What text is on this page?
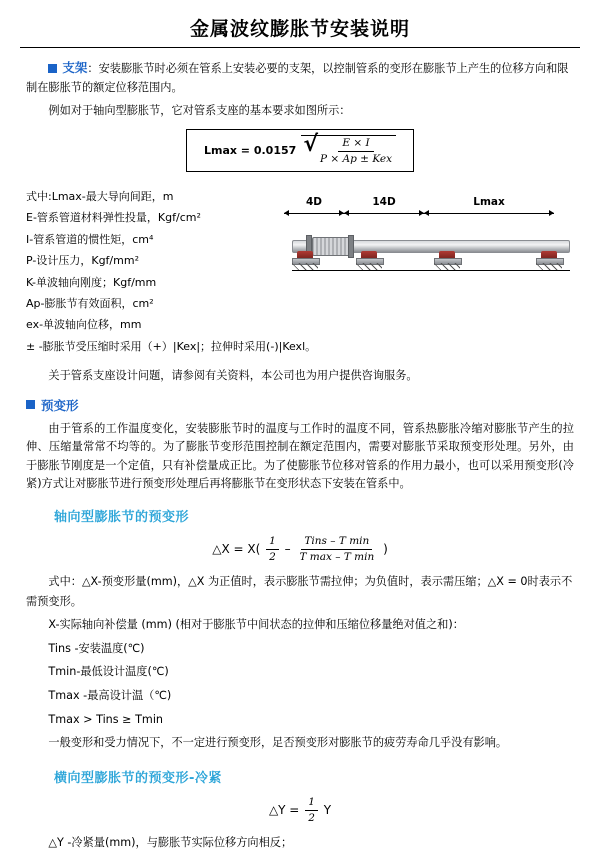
金属波纹膨胀节安装说明

支架：安装膨胀节时必须在管系上安装必要的支架，以控制管系的变形在膨胀节上产生的位移方向和限制在膨胀节的额定位移范围内。

例如对于轴向型膨胀节，它对管系支座的基本要求如图所示：

Lmax = 0.0157 √ $\frac{E \times I}{\text{P × Ap ± Kex}}$
式中:Lmax-最大导向间距，m
E-管系管道材料弹性投量，Kgf/cm²
I-管系管道的惯性矩，cm⁴
P-设计压力，Kgf/mm²
K-单波轴向刚度；Kgf/mm
Ap-膨胀节有效面积，cm²
ex-单波轴向位移，mm
± -膨胀节受压缩时采用（+）|Kex|；拉伸时采用(-)|Kexl。
4D	14D	Lmax

关于管系支座设计问题，请参阅有关资料，本公司也为用户提供咨询服务。

预变形

由于管系的工作温度变化，安装膨胀节时的温度与工作时的温度不同，管系热膨胀冷缩对膨胀节产生的拉伸、压缩量常常不均等的。为了膨胀节变形范围控制在额定范围内，需要对膨胀节采取预变形处理。另外，由于膨胀节刚度是一个定值，只有补偿量成正比。为了使膨胀节位移对管系的作用力最小，也可以采用预变形(冷紧)方式让对膨胀节进行预变形处理后再将膨胀节在变形状态下安装在管系中。

轴向型膨胀节的预变形
△X = $X( \frac{1}{2} - \frac{\text{Tins – T min}}{\text{T max – T min}}$ )

式中：△X-预变形量(mm)，△X 为正值时，表示膨胀节需拉伸；为负值时，表示需压缩；△X = 0时表示不需预变形。

X-实际轴向补偿量 (mm) (相对于膨胀节中间状态的拉伸和压缩位移量绝对值之和)：

Tins -安装温度(℃)

Tmin-最低设计温度(℃)

Tmax -最高设计温（℃)

Tmax > Tins ≥ Tmin

一般变形和受力情况下，不一定进行预变形，足否预变形对膨胀节的疲劳寿命几乎没有影响。

横向型膨胀节的预变形-冷紧
△Y = $\frac{1}{2}$ Y

△Y -冷紧量(mm)，与膨胀节实际位移方向相反；
